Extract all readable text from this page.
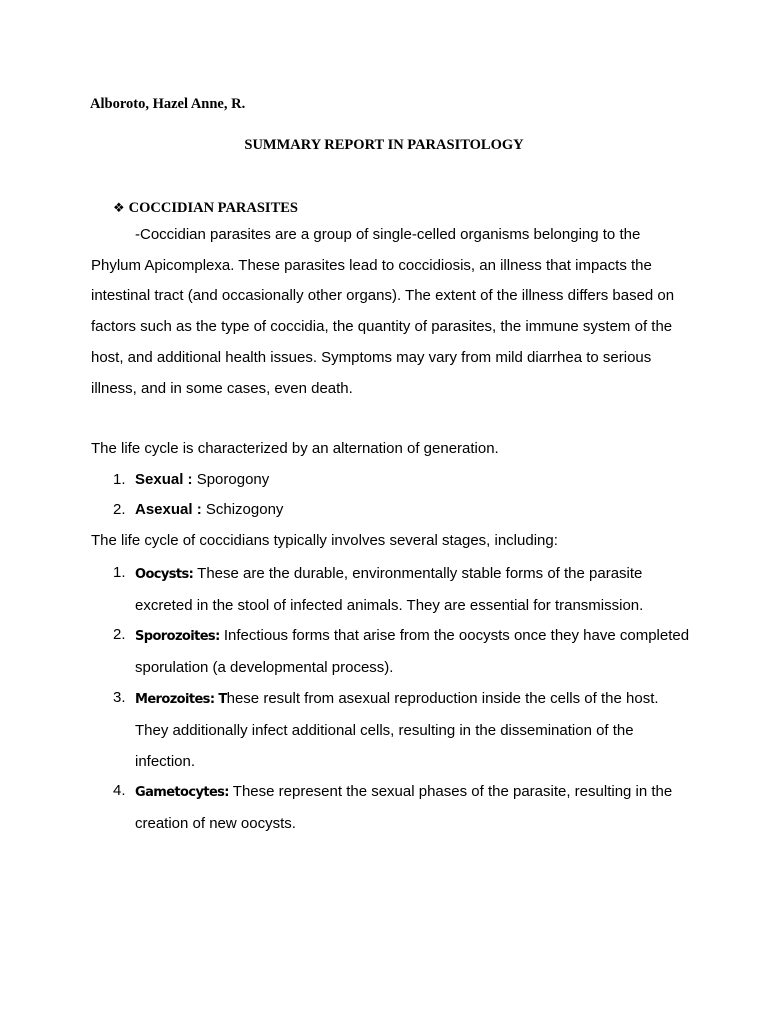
Alboroto, Hazel Anne, R.
SUMMARY REPORT IN PARASITOLOGY
❖ COCCIDIAN PARASITES

-Coccidian parasites are a group of single-celled organisms belonging to the Phylum Apicomplexa. These parasites lead to coccidiosis, an illness that impacts the intestinal tract (and occasionally other organs). The extent of the illness differs based on factors such as the type of coccidia, the quantity of parasites, the immune system of the host, and additional health issues. Symptoms may vary from mild diarrhea to serious illness, and in some cases, even death.

The life cycle is characterized by an alternation of generation.
1. Sexual : Sporogony
2. Asexual : Schizogony
The life cycle of coccidians typically involves several stages, including:
1. Oocysts: These are the durable, environmentally stable forms of the parasite excreted in the stool of infected animals. They are essential for transmission.
2. Sporozoites: Infectious forms that arise from the oocysts once they have completed sporulation (a developmental process).
3. Merozoites: These result from asexual reproduction inside the cells of the host. They additionally infect additional cells, resulting in the dissemination of the infection.
4. Gametocytes: These represent the sexual phases of the parasite, resulting in the creation of new oocysts.
